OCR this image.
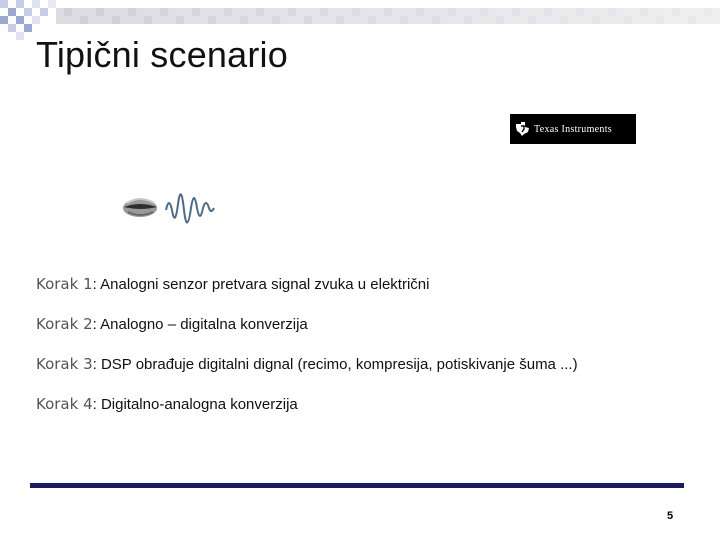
Tipični scenario
Texas Instruments
Korak 1: Analogni senzor pretvara signal zvuka u električni
Korak 2: Analogno – digitalna konverzija
Korak 3: DSP obrađuje digitalni dignal (recimo, kompresija, potiskivanje šuma ...)
Korak 4: Digitalno-analogna konverzija
5
